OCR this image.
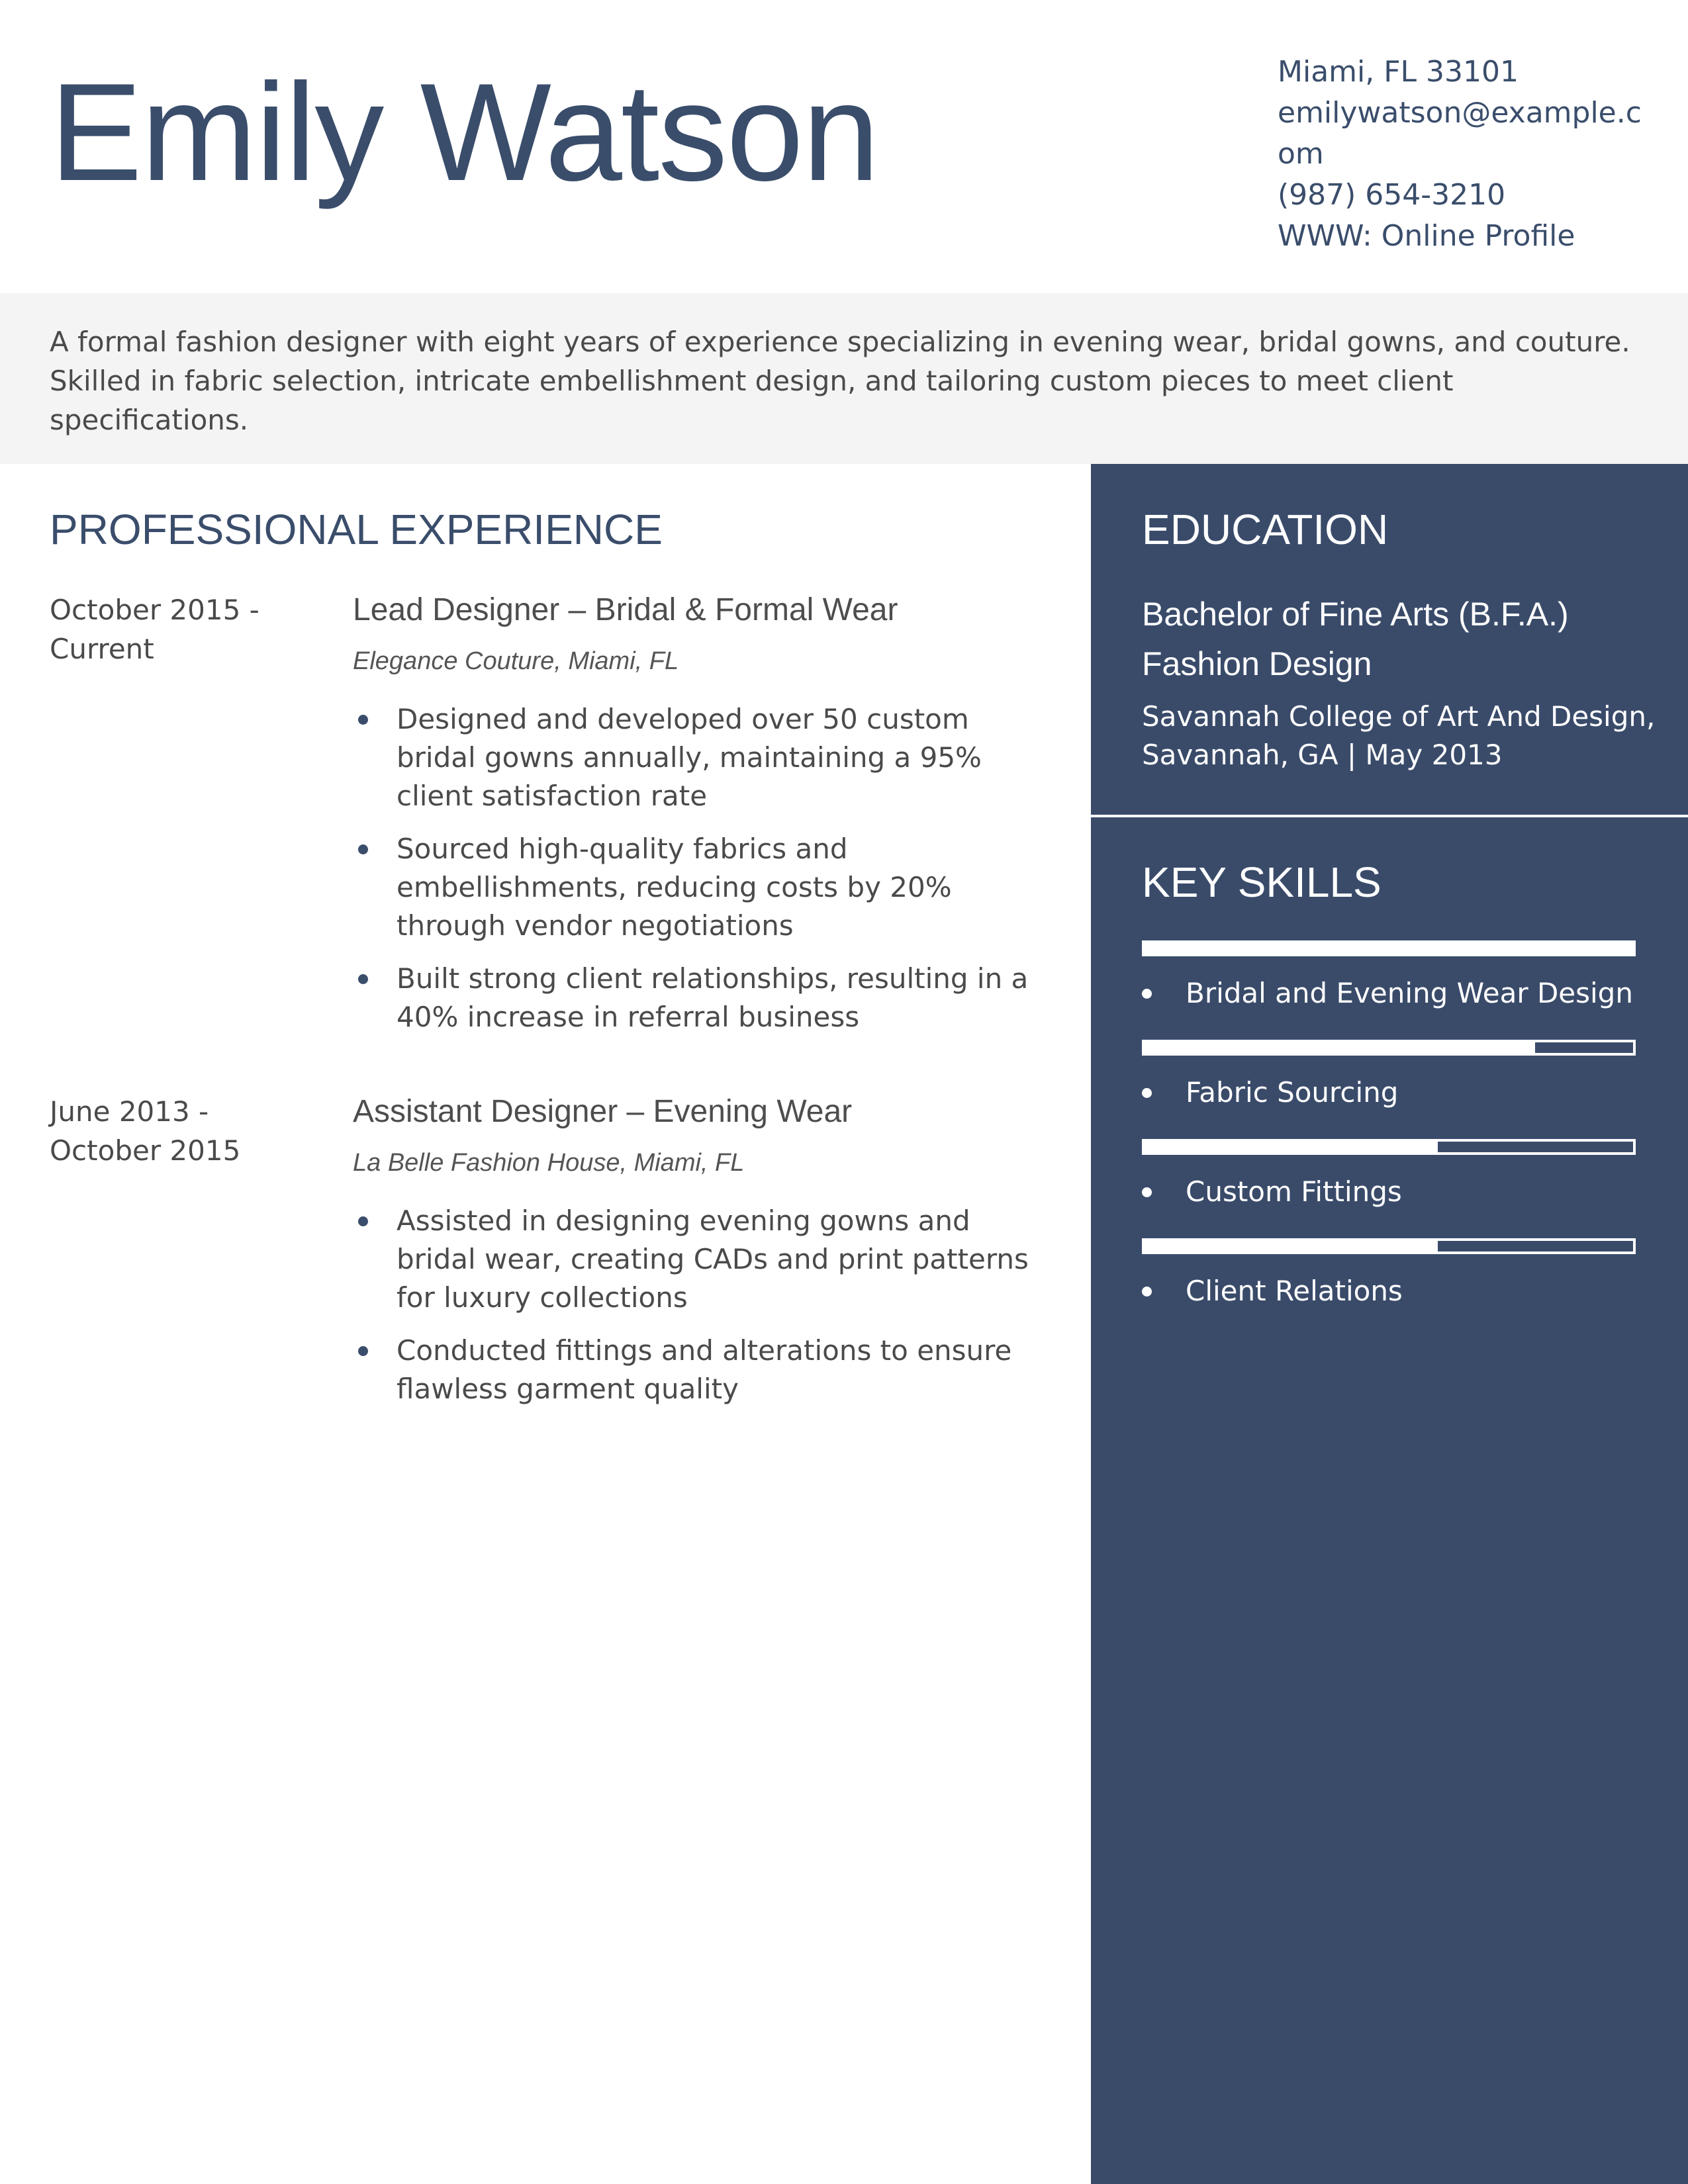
Emily Watson	Miami, FL 33101
emilywatson@example.com
(987) 654-3210
WWW: Online Profile

A formal fashion designer with eight years of experience specializing in evening wear, bridal gowns, and couture. Skilled in fabric selection, intricate embellishment design, and tailoring custom pieces to meet client specifications.

PROFESSIONAL EXPERIENCE
October 2015 - Current
Lead Designer – Bridal & Formal Wear
Elegance Couture, Miami, FL
Designed and developed over 50 custom bridal gowns annually, maintaining a 95% client satisfaction rate
Sourced high-quality fabrics and embellishments, reducing costs by 20% through vendor negotiations
Built strong client relationships, resulting in a 40% increase in referral business
June 2013 - October 2015
Assistant Designer – Evening Wear
La Belle Fashion House, Miami, FL
Assisted in designing evening gowns and bridal wear, creating CADs and print patterns for luxury collections
Conducted fittings and alterations to ensure flawless garment quality
EDUCATION
Bachelor of Fine Arts (B.F.A.)
Fashion Design
Savannah College of Art And Design, Savannah, GA | May 2013
KEY SKILLS
Bridal and Evening Wear Design
Fabric Sourcing
Custom Fittings
Client Relations
